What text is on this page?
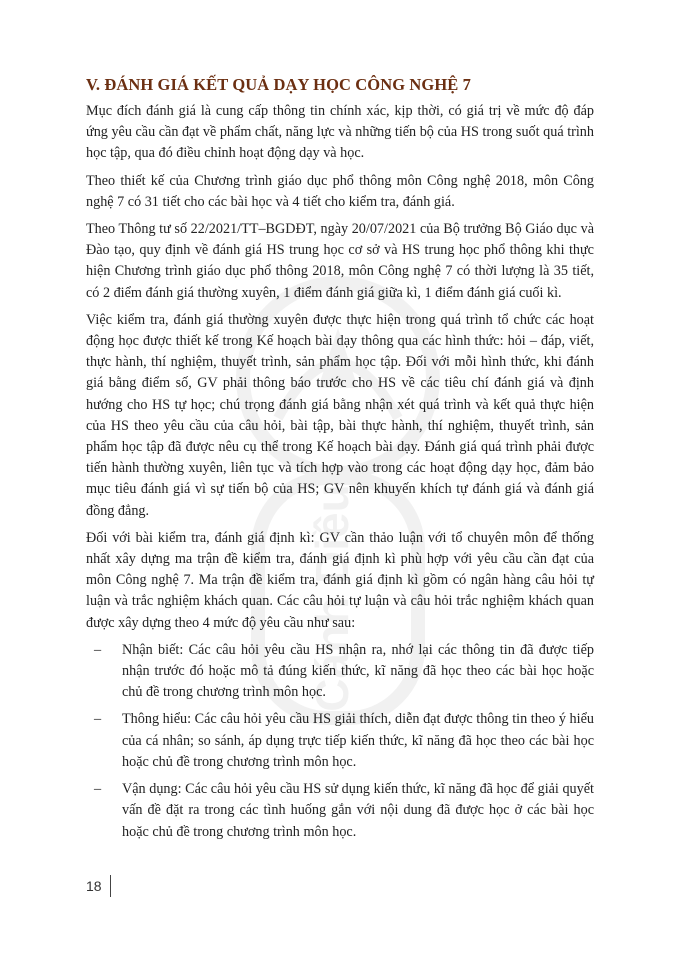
Cánh Diều
V. ĐÁNH GIÁ KẾT QUẢ DẠY HỌC CÔNG NGHỆ 7

Mục đích đánh giá là cung cấp thông tin chính xác, kịp thời, có giá trị về mức độ đáp ứng yêu cầu cần đạt về phẩm chất, năng lực và những tiến bộ của HS trong suốt quá trình học tập, qua đó điều chỉnh hoạt động dạy và học.

Theo thiết kế của Chương trình giáo dục phổ thông môn Công nghệ 2018, môn Công nghệ 7 có 31 tiết cho các bài học và 4 tiết cho kiểm tra, đánh giá.

Theo Thông tư số 22/2021/TT–BGDĐT, ngày 20/07/2021 của Bộ trưởng Bộ Giáo dục và Đào tạo, quy định về đánh giá HS trung học cơ sở và HS trung học phổ thông khi thực hiện Chương trình giáo dục phổ thông 2018, môn Công nghệ 7 có thời lượng là 35 tiết, có 2 điểm đánh giá thường xuyên, 1 điểm đánh giá giữa kì, 1 điểm đánh giá cuối kì.

Việc kiểm tra, đánh giá thường xuyên được thực hiện trong quá trình tổ chức các hoạt động học được thiết kế trong Kế hoạch bài dạy thông qua các hình thức: hỏi – đáp, viết, thực hành, thí nghiệm, thuyết trình, sản phẩm học tập. Đối với mỗi hình thức, khi đánh giá bằng điểm số, GV phải thông báo trước cho HS về các tiêu chí đánh giá và định hướng cho HS tự học; chú trọng đánh giá bằng nhận xét quá trình và kết quả thực hiện của HS theo yêu cầu của câu hỏi, bài tập, bài thực hành, thí nghiệm, thuyết trình, sản phẩm học tập đã được nêu cụ thể trong Kế hoạch bài dạy. Đánh giá quá trình phải được tiến hành thường xuyên, liên tục và tích hợp vào trong các hoạt động dạy học, đảm bảo mục tiêu đánh giá vì sự tiến bộ của HS; GV nên khuyến khích tự đánh giá và đánh giá đồng đẳng.

Đối với bài kiểm tra, đánh giá định kì: GV cần thảo luận với tổ chuyên môn để thống nhất xây dựng ma trận đề kiểm tra, đánh giá định kì phù hợp với yêu cầu cần đạt của môn Công nghệ 7. Ma trận đề kiểm tra, đánh giá định kì gồm có ngân hàng câu hỏi tự luận và trắc nghiệm khách quan. Các câu hỏi tự luận và câu hỏi trắc nghiệm khách quan được xây dựng theo 4 mức độ yêu cầu như sau:

– Nhận biết: Các câu hỏi yêu cầu HS nhận ra, nhớ lại các thông tin đã được tiếp nhận trước đó hoặc mô tả đúng kiến thức, kĩ năng đã học theo các bài học hoặc chủ đề trong chương trình môn học.
– Thông hiểu: Các câu hỏi yêu cầu HS giải thích, diễn đạt được thông tin theo ý hiểu của cá nhân; so sánh, áp dụng trực tiếp kiến thức, kĩ năng đã học theo các bài học hoặc chủ đề trong chương trình môn học.
– Vận dụng: Các câu hỏi yêu cầu HS sử dụng kiến thức, kĩ năng đã học để giải quyết vấn đề đặt ra trong các tình huống gắn với nội dung đã được học ở các bài học hoặc chủ đề trong chương trình môn học.
18
